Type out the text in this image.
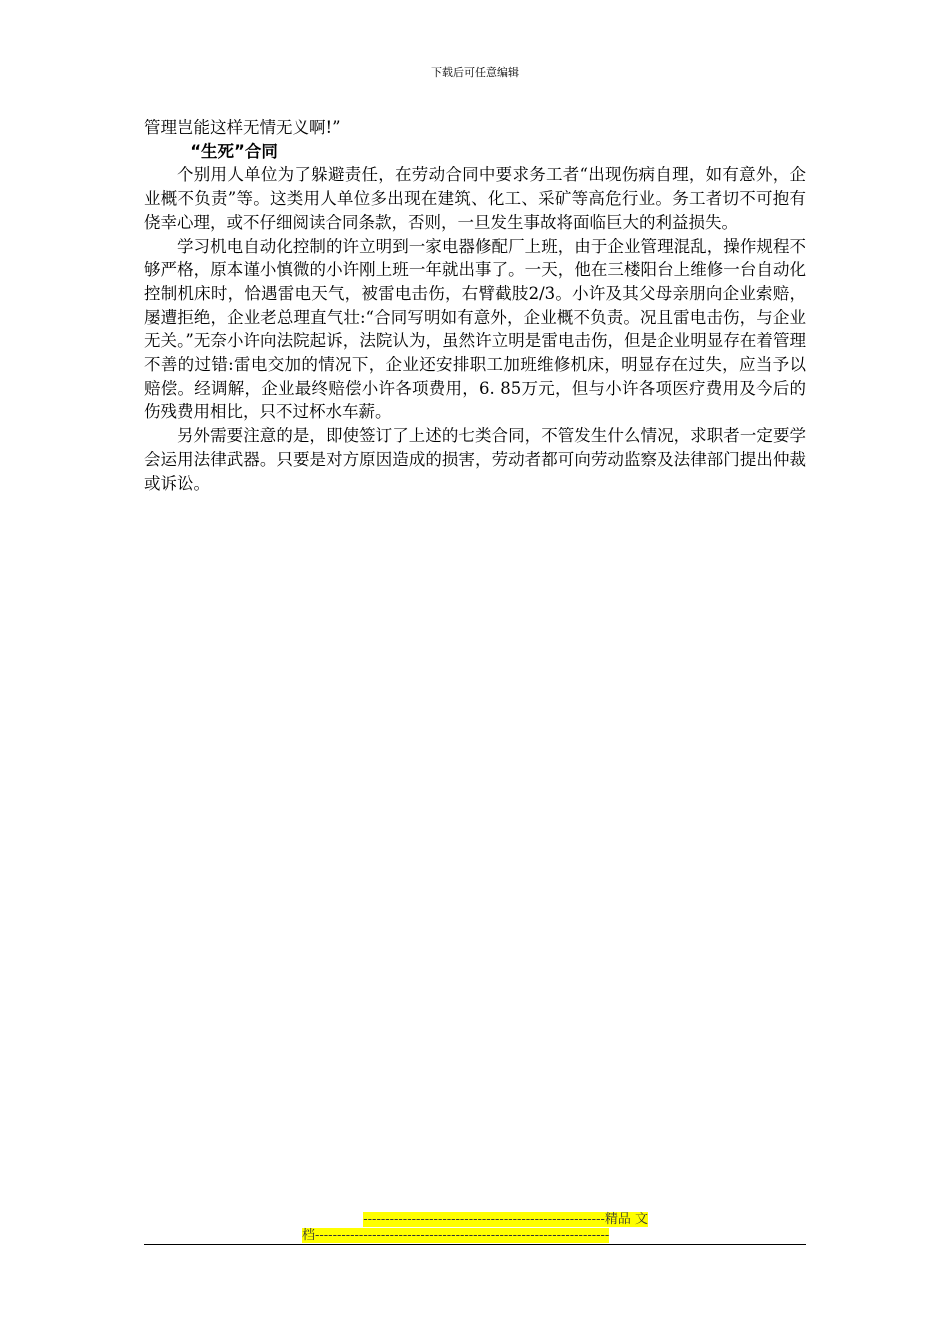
下载后可任意编辑

管理岂能这样无情无义啊!”

“生死”合同

个别用人单位为了躲避责任，在劳动合同中要求务工者“出现伤病自理，如有意外，企业概不负责”等。这类用人单位多出现在建筑、化工、采矿等高危行业。务工者切不可抱有侥幸心理，或不仔细阅读合同条款，否则，一旦发生事故将面临巨大的利益损失。

学习机电自动化控制的许立明到一家电器修配厂上班，由于企业管理混乱，操作规程不够严格，原本谨小慎微的小许刚上班一年就出事了。一天，他在三楼阳台上维修一台自动化控制机床时，恰遇雷电天气，被雷电击伤，右臂截肢2/3。小许及其父母亲朋向企业索赔，屡遭拒绝，企业老总理直气壮:“合同写明如有意外，企业概不负责。况且雷电击伤，与企业无关。”无奈小许向法院起诉，法院认为，虽然许立明是雷电击伤，但是企业明显存在着管理不善的过错:雷电交加的情况下，企业还安排职工加班维修机床，明显存在过失，应当予以赔偿。经调解，企业最终赔偿小许各项费用，6. 85万元，但与小许各项医疗费用及今后的伤残费用相比，只不过杯水车薪。

另外需要注意的是，即使签订了上述的七类合同，不管发生什么情况，求职者一定要学会运用法律武器。只要是对方原因造成的损害，劳动者都可向劳动监察及法律部门提出仲裁或诉讼。

-------------------------------------------------------精品 文
档-------------------------------------------------------------------
